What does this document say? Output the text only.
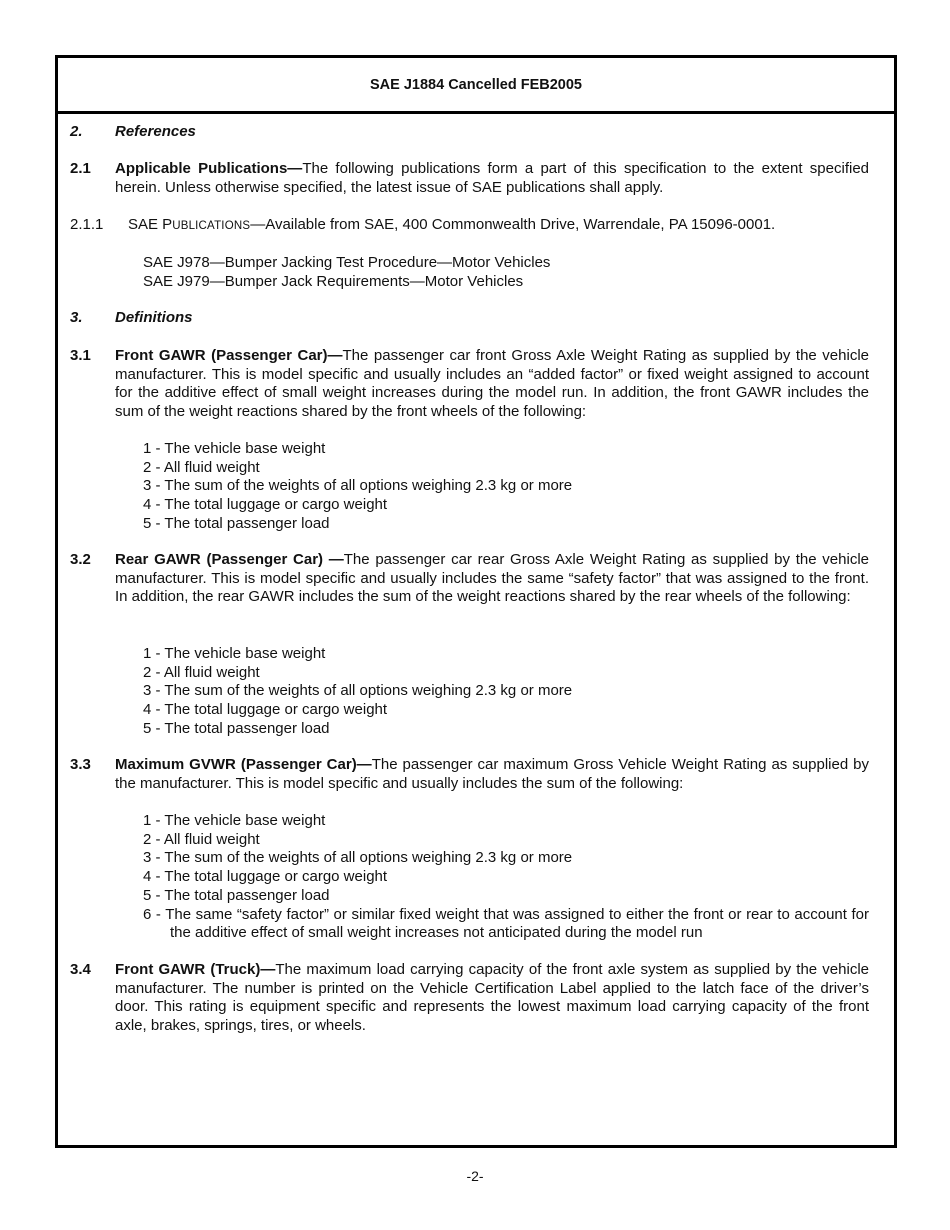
SAE J1884 Cancelled FEB2005
2. References
2.1 Applicable Publications—The following publications form a part of this specification to the extent specified herein. Unless otherwise specified, the latest issue of SAE publications shall apply.
2.1.1 SAE PUBLICATIONS—Available from SAE, 400 Commonwealth Drive, Warrendale, PA 15096-0001.
SAE J978—Bumper Jacking Test Procedure—Motor Vehicles
SAE J979—Bumper Jack Requirements—Motor Vehicles
3. Definitions
3.1 Front GAWR (Passenger Car)—The passenger car front Gross Axle Weight Rating as supplied by the vehicle manufacturer. This is model specific and usually includes an “added factor” or fixed weight assigned to account for the additive effect of small weight increases during the model run. In addition, the front GAWR includes the sum of the weight reactions shared by the front wheels of the following:
1 - The vehicle base weight
2 - All fluid weight
3 - The sum of the weights of all options weighing 2.3 kg or more
4 - The total luggage or cargo weight
5 - The total passenger load
3.2 Rear GAWR (Passenger Car) —The passenger car rear Gross Axle Weight Rating as supplied by the vehicle manufacturer. This is model specific and usually includes the same “safety factor” that was assigned to the front. In addition, the rear GAWR includes the sum of the weight reactions shared by the rear wheels of the following:
1 - The vehicle base weight
2 - All fluid weight
3 - The sum of the weights of all options weighing 2.3 kg or more
4 - The total luggage or cargo weight
5 - The total passenger load
3.3 Maximum GVWR (Passenger Car)—The passenger car maximum Gross Vehicle Weight Rating as supplied by the manufacturer. This is model specific and usually includes the sum of the following:
1 - The vehicle base weight
2 - All fluid weight
3 - The sum of the weights of all options weighing 2.3 kg or more
4 - The total luggage or cargo weight
5 - The total passenger load
6 - The same “safety factor” or similar fixed weight that was assigned to either the front or rear to account for the additive effect of small weight increases not anticipated during the model run
3.4 Front GAWR (Truck)—The maximum load carrying capacity of the front axle system as supplied by the vehicle manufacturer. The number is printed on the Vehicle Certification Label applied to the latch face of the driver’s door. This rating is equipment specific and represents the lowest maximum load carrying capacity of the front axle, brakes, springs, tires, or wheels.
-2-
